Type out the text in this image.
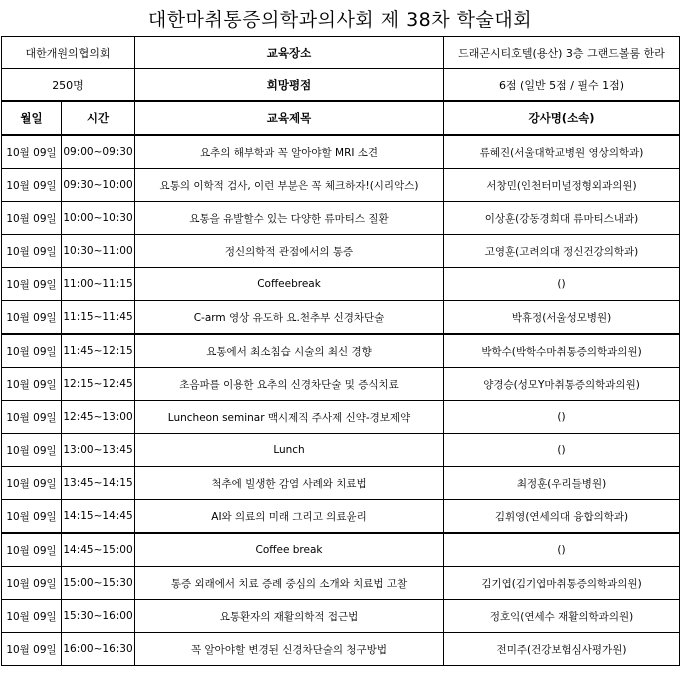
대한마취통증의학과의사회 제 38차 학술대회
대한개원의협의회		교육장소	드래곤시티호텔(용산) 3층 그랜드볼룸 한라
250명		희망평점	6점 (일반 5점 / 필수 1점)
월일	시간	교육제목	강사명(소속)
10월 09일	09:00~09:30	요추의 해부학과 꼭 알아야할 MRI 소견	류혜진(서울대학교병원 영상의학과)
10월 09일	09:30~10:00	요통의 이학적 검사, 이런 부분은 꼭 체크하자!(시리악스)	서창민(인천터미널정형외과의원)
10월 09일	10:00~10:30	요통을 유발할수 있는 다양한 류마티스 질환	이상훈(강동경희대 류마티스내과)
10월 09일	10:30~11:00	정신의학적 관점에서의 통증	고영훈(고려의대 정신건강의학과)
10월 09일	11:00~11:15	Coffeebreak	()
10월 09일	11:15~11:45	C-arm 영상 유도하 요.천추부 신경차단술	박휴정(서울성모병원)
10월 09일	11:45~12:15	요통에서 최소침습 시술의 최신 경향	박학수(박학수마취통증의학과의원)
10월 09일	12:15~12:45	초음파를 이용한 요추의 신경차단술 및 증식치료	양경승(성모Y마취통증의학과의원)
10월 09일	12:45~13:00	Luncheon seminar 맥시제직 주사제 신약-경보제약	()
10월 09일	13:00~13:45	Lunch	()
10월 09일	13:45~14:15	척추에 빌생한 감염 사례와 치료법	최정훈(우리들병원)
10월 09일	14:15~14:45	AI와 의료의 미래 그리고 의료윤리	김휘영(연세의대 융합의학과)
10월 09일	14:45~15:00	Coffee break	()
10월 09일	15:00~15:30	통증 외래에서 치료 증례 중심의 소개와 치료법 고찰	김기엽(김기엽마취통증의학과의원)
10월 09일	15:30~16:00	요통환자의 재활의학적 접근법	정호익(연세수 재활의학과의원)
10월 09일	16:00~16:30	꼭 알아야할 변경된 신경차단술의 청구방법	전미주(건강보험심사평가원)
